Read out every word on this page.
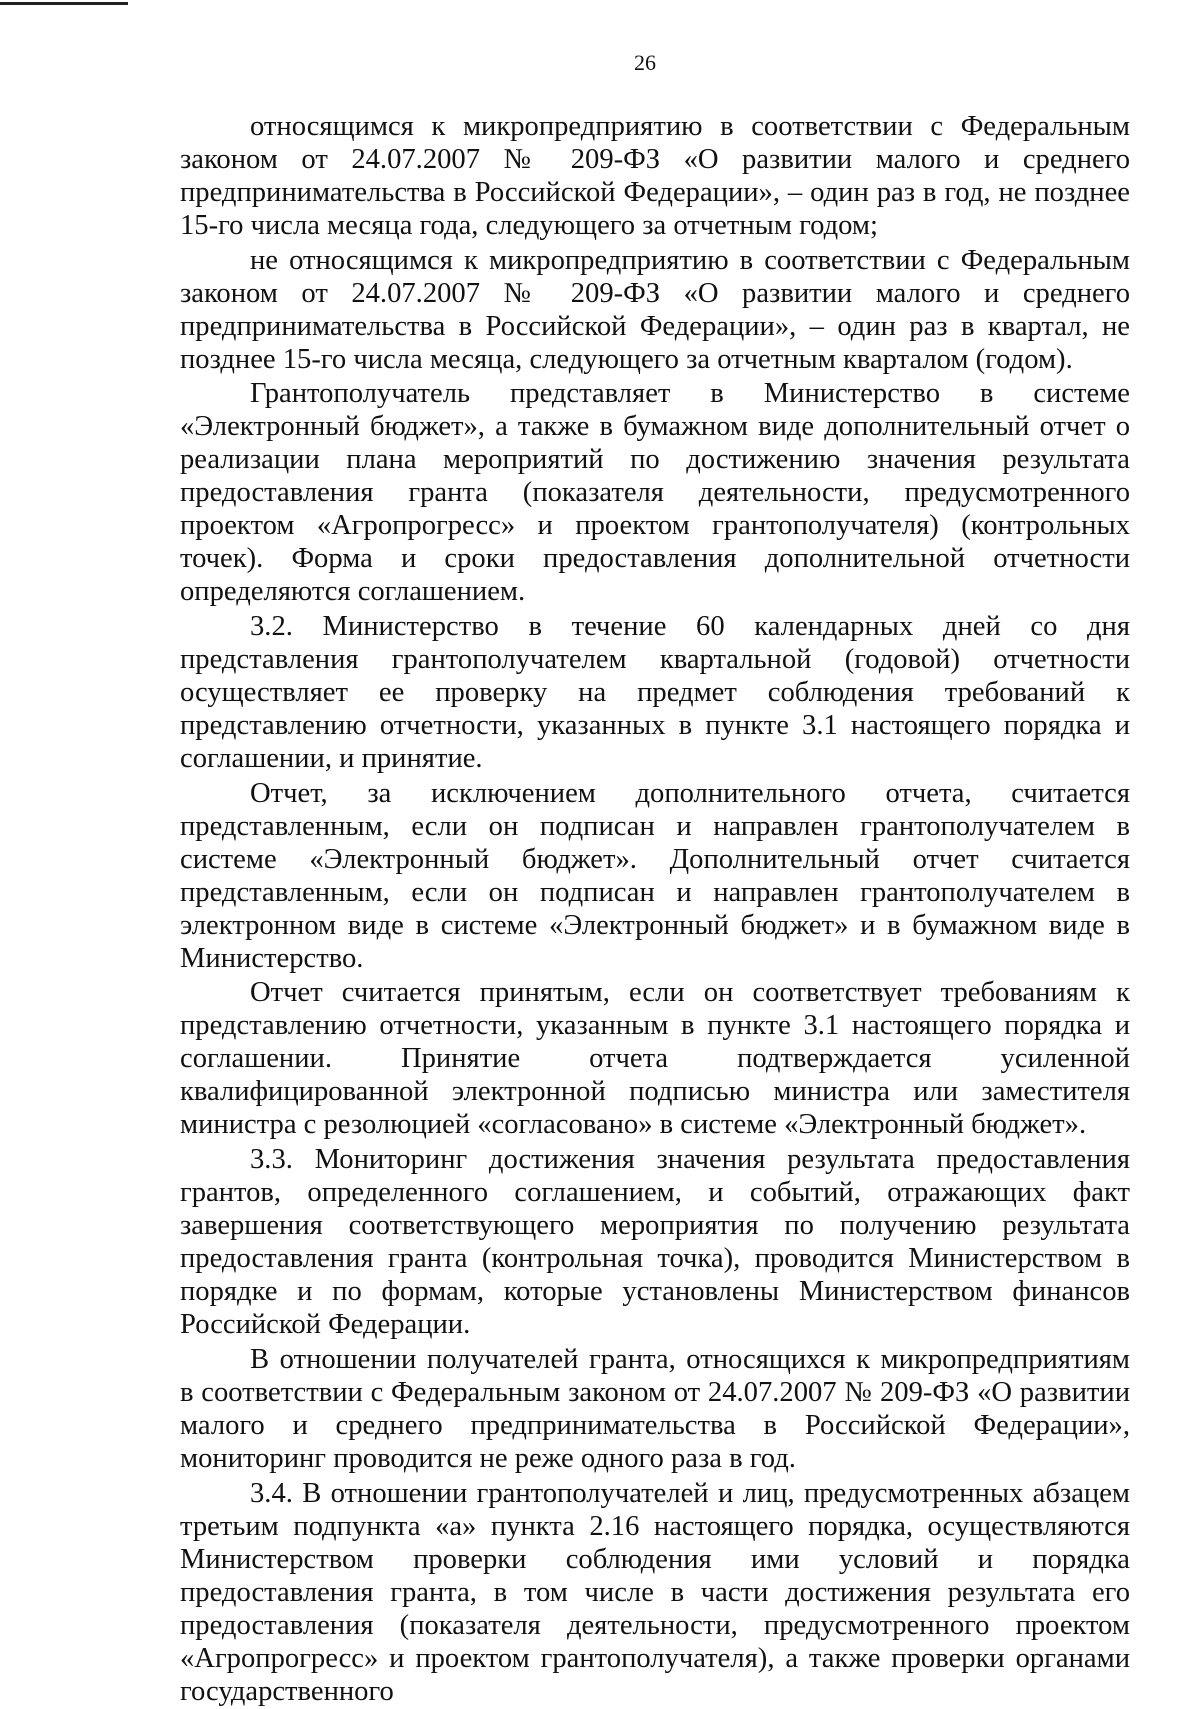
26

относящимся к микропредприятию в соответствии с Федеральным законом от 24.07.2007 № 209-ФЗ «О развитии малого и среднего предпринимательства в Российской Федерации», – один раз в год, не позднее 15-го числа месяца года, следующего за отчетным годом;

не относящимся к микропредприятию в соответствии с Федеральным законом от 24.07.2007 № 209-ФЗ «О развитии малого и среднего предпринимательства в Российской Федерации», – один раз в квартал, не позднее 15-го числа месяца, следующего за отчетным кварталом (годом).

Грантополучатель представляет в Министерство в системе «Электронный бюджет», а также в бумажном виде дополнительный отчет о реализации плана мероприятий по достижению значения результата предоставления гранта (показателя деятельности, предусмотренного проектом «Агропрогресс» и проектом грантополучателя) (контрольных точек). Форма и сроки предоставления дополнительной отчетности определяются соглашением.

3.2. Министерство в течение 60 календарных дней со дня представления грантополучателем квартальной (годовой) отчетности осуществляет ее проверку на предмет соблюдения требований к представлению отчетности, указанных в пункте 3.1 настоящего порядка и соглашении, и принятие.

Отчет, за исключением дополнительного отчета, считается представленным, если он подписан и направлен грантополучателем в системе «Электронный бюджет». Дополнительный отчет считается представленным, если он подписан и направлен грантополучателем в электронном виде в системе «Электронный бюджет» и в бумажном виде в Министерство.

Отчет считается принятым, если он соответствует требованиям к представлению отчетности, указанным в пункте 3.1 настоящего порядка и соглашении. Принятие отчета подтверждается усиленной квалифицированной электронной подписью министра или заместителя министра с резолюцией «согласовано» в системе «Электронный бюджет».

3.3. Мониторинг достижения значения результата предоставления грантов, определенного соглашением, и событий, отражающих факт завершения соответствующего мероприятия по получению результата предоставления гранта (контрольная точка), проводится Министерством в порядке и по формам, которые установлены Министерством финансов Российской Федерации.

В отношении получателей гранта, относящихся к микропредприятиям в соответствии с Федеральным законом от 24.07.2007 № 209-ФЗ «О развитии малого и среднего предпринимательства в Российской Федерации», мониторинг проводится не реже одного раза в год.

3.4. В отношении грантополучателей и лиц, предусмотренных абзацем третьим подпункта «а» пункта 2.16 настоящего порядка, осуществляются Министерством проверки соблюдения ими условий и порядка предоставления гранта, в том числе в части достижения результата его предоставления (показателя деятельности, предусмотренного проектом «Агропрогресс» и проектом грантополучателя), а также проверки органами государственного
